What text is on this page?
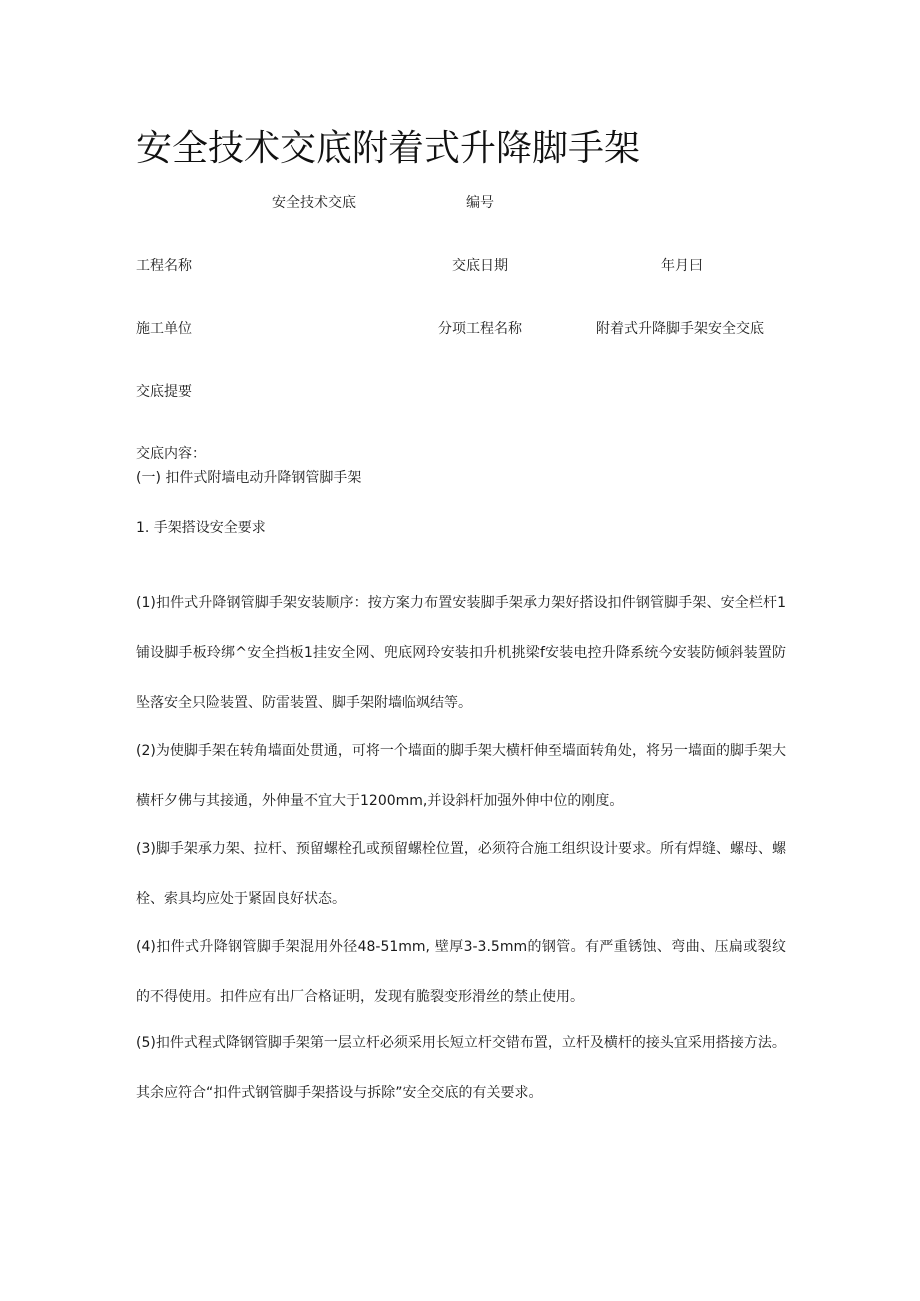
安全技术交底附着式升降脚手架
安全技术交底	编号
工程名称	交底日期	年月曰
施工单位	分项工程名称	附着式升降脚手架安全交底
交底提要
交底内容：
(一) 扣件式附墙电动升降钢管脚手架
1. 手架搭设安全要求
(1)扣件式升降钢管脚手架安装顺序：按方案力布置安装脚手架承力架好搭设扣件钢管脚手架、安全栏杆1铺设脚手板玲绑^安全挡板1挂安全网、兜底网玲安装扣升机挑梁f安装电控升降系统今安装防倾斜装置防坠落安全只险装置、防雷装置、脚手架附墙临飒结等。
(2)为使脚手架在转角墙面处贯通，可将一个墙面的脚手架大横杆伸至墙面转角处，将另一墙面的脚手架大横杆夕佛与其接通，外伸量不宜大于1200mm,并设斜杆加强外伸中位的刚度。
(3)脚手架承力架、拉杆、预留螺栓孔或预留螺栓位置，必须符合施工组织设计要求。所有焊缝、螺母、螺栓、索具均应处于紧固良好状态。
(4)扣件式升降钢管脚手架混用外径48-51mm, 壁厚3-3.5mm的钢管。有严重锈蚀、弯曲、压扁或裂纹的不得使用。扣件应有出厂合格证明，发现有脆裂变形滑丝的禁止使用。
(5)扣件式程式降钢管脚手架第一层立杆必须采用长短立杆交错布置，立杆及横杆的接头宜采用搭接方法。
其余应符合“扣件式钢管脚手架搭设与拆除”安全交底的有关要求。
